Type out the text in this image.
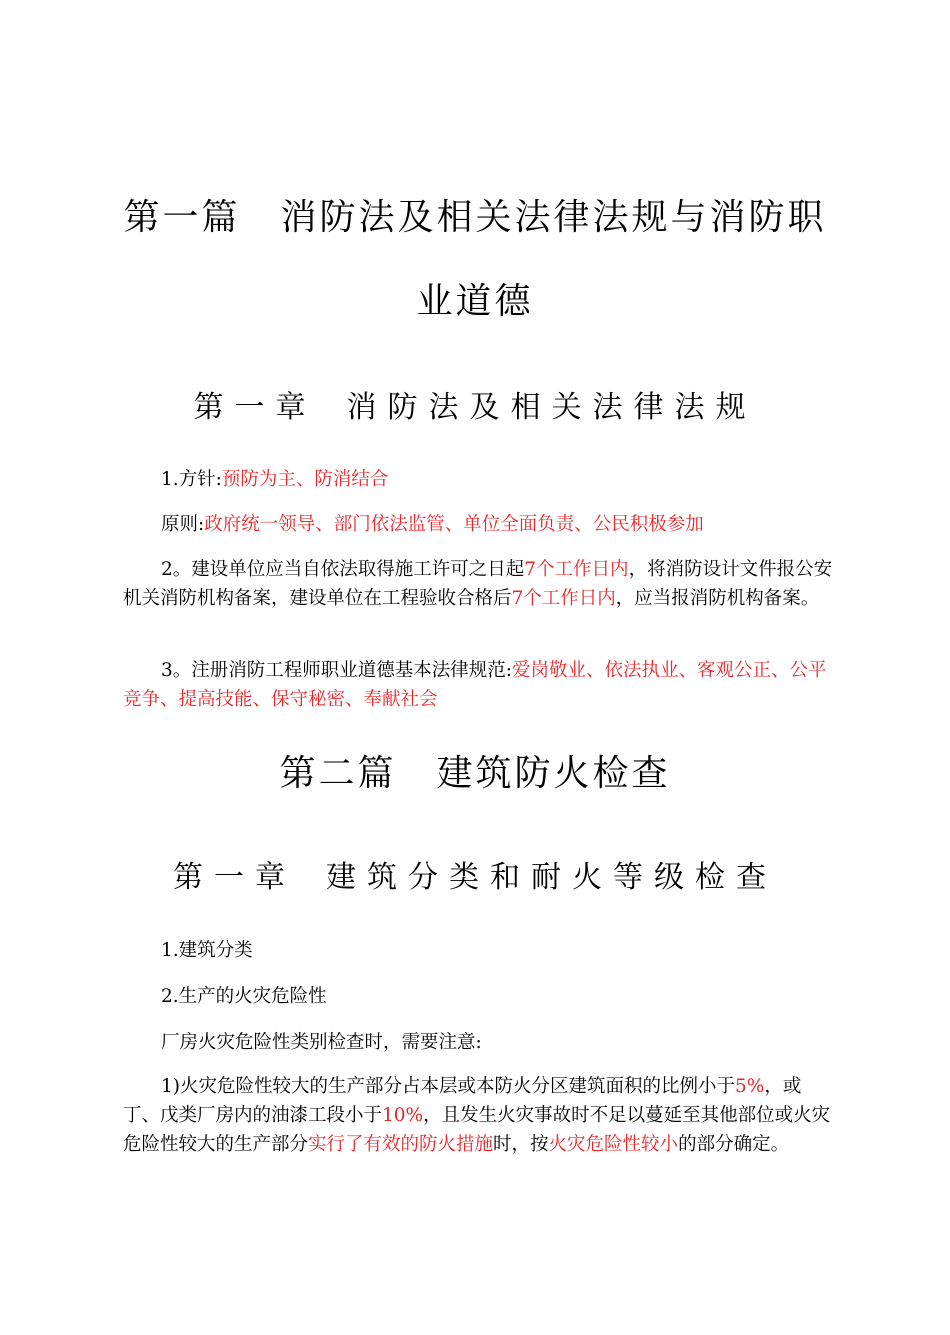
第一篇 消防法及相关法律法规与消防职
业道德
第一章 消防法及相关法律法规

1.方针:预防为主、防消结合

原则:政府统一领导、部门依法监管、单位全面负责、公民积极参加

2。建设单位应当自依法取得施工许可之日起7个工作日内，将消防设计文件报公安机关消防机构备案，建设单位在工程验收合格后7个工作日内，应当报消防机构备案。

3。注册消防工程师职业道德基本法律规范:爱岗敬业、依法执业、客观公正、公平竞争、提高技能、保守秘密、奉献社会

第二篇 建筑防火检查
第一章 建筑分类和耐火等级检查

1.建筑分类

2.生产的火灾危险性

厂房火灾危险性类别检查时，需要注意:

1)火灾危险性较大的生产部分占本层或本防火分区建筑面积的比例小于5%，或丁、戊类厂房内的油漆工段小于10%，且发生火灾事故时不足以蔓延至其他部位或火灾危险性较大的生产部分实行了有效的防火措施时，按火灾危险性较小的部分确定。
